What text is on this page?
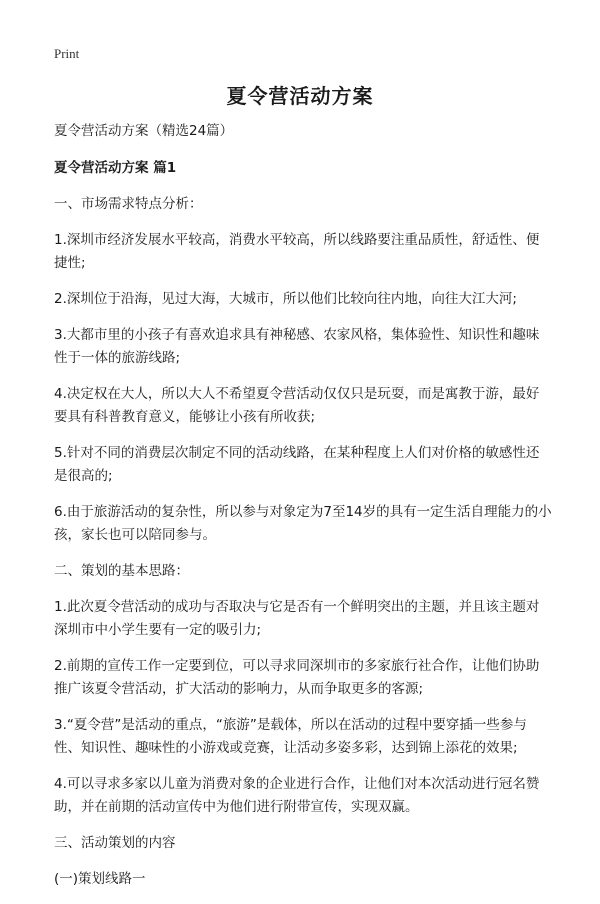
Print
夏令营活动方案

夏令营活动方案（精选24篇）

夏令营活动方案 篇1

一、市场需求特点分析：

1.深圳市经济发展水平较高，消费水平较高，所以线路要注重品质性，舒适性、便捷性;

2.深圳位于沿海，见过大海，大城市，所以他们比较向往内地，向往大江大河;

3.大都市里的小孩子有喜欢追求具有神秘感、农家风格，集体验性、知识性和趣味性于一体的旅游线路;

4.决定权在大人，所以大人不希望夏令营活动仅仅只是玩耍，而是寓教于游，最好要具有科普教育意义，能够让小孩有所收获;

5.针对不同的消费层次制定不同的活动线路，在某种程度上人们对价格的敏感性还是很高的;

6.由于旅游活动的复杂性，所以参与对象定为7至14岁的具有一定生活自理能力的小孩，家长也可以陪同参与。

二、策划的基本思路：

1.此次夏令营活动的成功与否取决与它是否有一个鲜明突出的主题，并且该主题对深圳市中小学生要有一定的吸引力;

2.前期的宣传工作一定要到位，可以寻求同深圳市的多家旅行社合作，让他们协助推广该夏令营活动，扩大活动的影响力，从而争取更多的客源;

3.“夏令营”是活动的重点，“旅游”是载体，所以在活动的过程中要穿插一些参与性、知识性、趣味性的小游戏或竞赛，让活动多姿多彩，达到锦上添花的效果;

4.可以寻求多家以儿童为消费对象的企业进行合作，让他们对本次活动进行冠名赞助，并在前期的活动宣传中为他们进行附带宣传，实现双赢。

三、活动策划的内容

(一)策划线路一
